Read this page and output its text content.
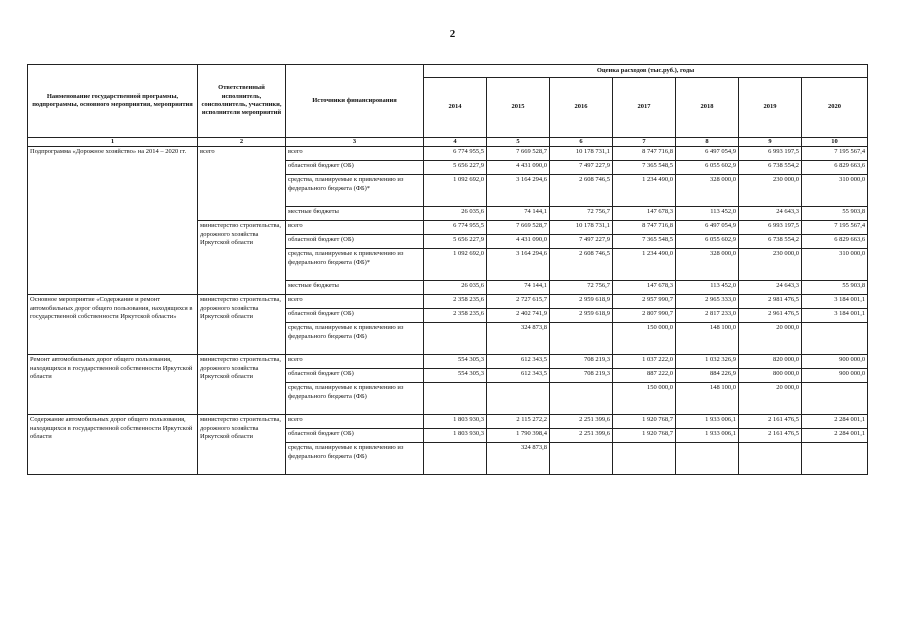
2
Наименование государственной программы, подпрограммы, основного мероприятия, мероприятия	Ответственный исполнитель, соисполнитель, участники, исполнители мероприятий	Источники финансирования	Оценка расходов (тыс.руб.), годы						
			2014	2015	2016	2017	2018	2019	2020
1	2	3	4	5	6	7	8	9	10
Подпрограмма «Дорожное хозяйство» на 2014 – 2020 гг.	всего	всего	6 774 955,5	7 669 528,7	10 178 731,1	8 747 716,8	6 497 054,9	6 993 197,5	7 195 567,4
		областной бюджет (ОБ)	5 656 227,9	4 431 090,0	7 497 227,9	7 365 548,5	6 055 602,9	6 738 554,2	6 829 663,6
		средства, планируемые к привлечению из федерального бюджета (ФБ)*	1 092 692,0	3 164 294,6	2 608 746,5	1 234 490,0	328 000,0	230 000,0	310 000,0
		местные бюджеты	26 035,6	74 144,1	72 756,7	147 678,3	113 452,0	24 643,3	55 903,8
	министерство строительства, дорожного хозяйства Иркутской области	всего	6 774 955,5	7 669 528,7	10 178 731,1	8 747 716,8	6 497 054,9	6 993 197,5	7 195 567,4
		областной бюджет (ОБ)	5 656 227,9	4 431 090,0	7 497 227,9	7 365 548,5	6 055 602,9	6 738 554,2	6 829 663,6
		средства, планируемые к привлечению из федерального бюджета (ФБ)*	1 092 692,0	3 164 294,6	2 608 746,5	1 234 490,0	328 000,0	230 000,0	310 000,0
		местные бюджеты	26 035,6	74 144,1	72 756,7	147 678,3	113 452,0	24 643,3	55 903,8
Основное мероприятие «Содержание и ремонт автомобильных дорог общего пользования, находящихся в государственной собственности Иркутской области»	министерство строительства, дорожного хозяйства Иркутской области	всего	2 358 235,6	2 727 615,7	2 959 618,9	2 957 990,7	2 965 333,0	2 981 476,5	3 184 001,1
		областной бюджет (ОБ)	2 358 235,6	2 402 741,9	2 959 618,9	2 807 990,7	2 817 233,0	2 961 476,5	3 184 001,1
		средства, планируемые к привлечению из федерального бюджета (ФБ)		324 873,8		150 000,0	148 100,0	20 000,0	
Ремонт автомобильных дорог общего пользования, находящихся в государственной собственности Иркутской области	министерство строительства, дорожного хозяйства Иркутской области	всего	554 305,3	612 343,5	708 219,3	1 037 222,0	1 032 326,9	820 000,0	900 000,0
		областной бюджет (ОБ)	554 305,3	612 343,5	708 219,3	887 222,0	884 226,9	800 000,0	900 000,0
		средства, планируемые к привлечению из федерального бюджета (ФБ)				150 000,0	148 100,0	20 000,0	
Содержание автомобильных дорог общего пользования, находящихся в государственной собственности Иркутской области	министерство строительства, дорожного хозяйства Иркутской области	всего	1 803 930,3	2 115 272,2	2 251 399,6	1 920 768,7	1 933 006,1	2 161 476,5	2 284 001,1
		областной бюджет (ОБ)	1 803 930,3	1 790 398,4	2 251 399,6	1 920 768,7	1 933 006,1	2 161 476,5	2 284 001,1
		средства, планируемые к привлечению из федерального бюджета (ФБ)		324 873,8					
